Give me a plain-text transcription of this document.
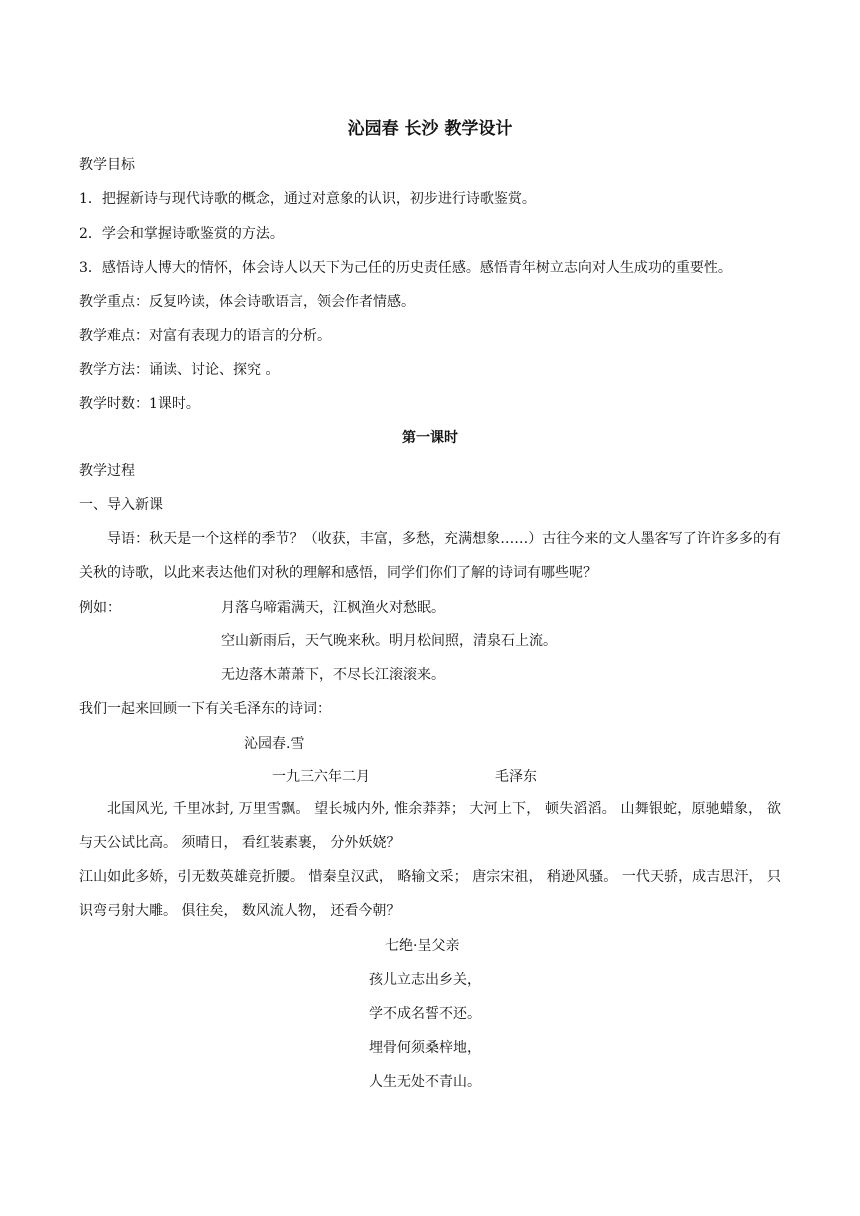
沁园春 长沙 教学设计
教学目标
1．把握新诗与现代诗歌的概念，通过对意象的认识，初步进行诗歌鉴赏。
2．学会和掌握诗歌鉴赏的方法。
3．感悟诗人博大的情怀，体会诗人以天下为己任的历史责任感。感悟青年树立志向对人生成功的重要性。
教学重点：反复吟读，体会诗歌语言，领会作者情感。
教学难点：对富有表现力的语言的分析。
教学方法：诵读、讨论、探究 。
教学时数：1课时。
第一课时
教学过程
一、导入新课
导语：秋天是一个这样的季节？（收获，丰富，多愁，充满想象……）古往今来的文人墨客写了许许多多的有关秋的诗歌，以此来表达他们对秋的理解和感悟，同学们你们了解的诗词有哪些呢？
例如：	月落乌啼霜满天，江枫渔火对愁眠。
空山新雨后，天气晚来秋。明月松间照，清泉石上流。
无边落木萧萧下，不尽长江滚滚来。
我们一起来回顾一下有关毛泽东的诗词：
沁园春.雪
一九三六年二月	毛泽东
北国风光, 千里冰封, 万里雪飘。 望长城内外, 惟余莽莽； 大河上下， 顿失滔滔。 山舞银蛇，原驰蜡象， 欲与天公试比高。 须晴日， 看红装素裹， 分外妖娆？
江山如此多娇，引无数英雄竞折腰。 惜秦皇汉武， 略输文采； 唐宗宋祖， 稍逊风骚。 一代天骄，成吉思汗， 只识弯弓射大雕。 俱往矣， 数风流人物， 还看今朝？
七绝·呈父亲
孩儿立志出乡关，
学不成名誓不还。
埋骨何须桑梓地，
人生无处不青山。
